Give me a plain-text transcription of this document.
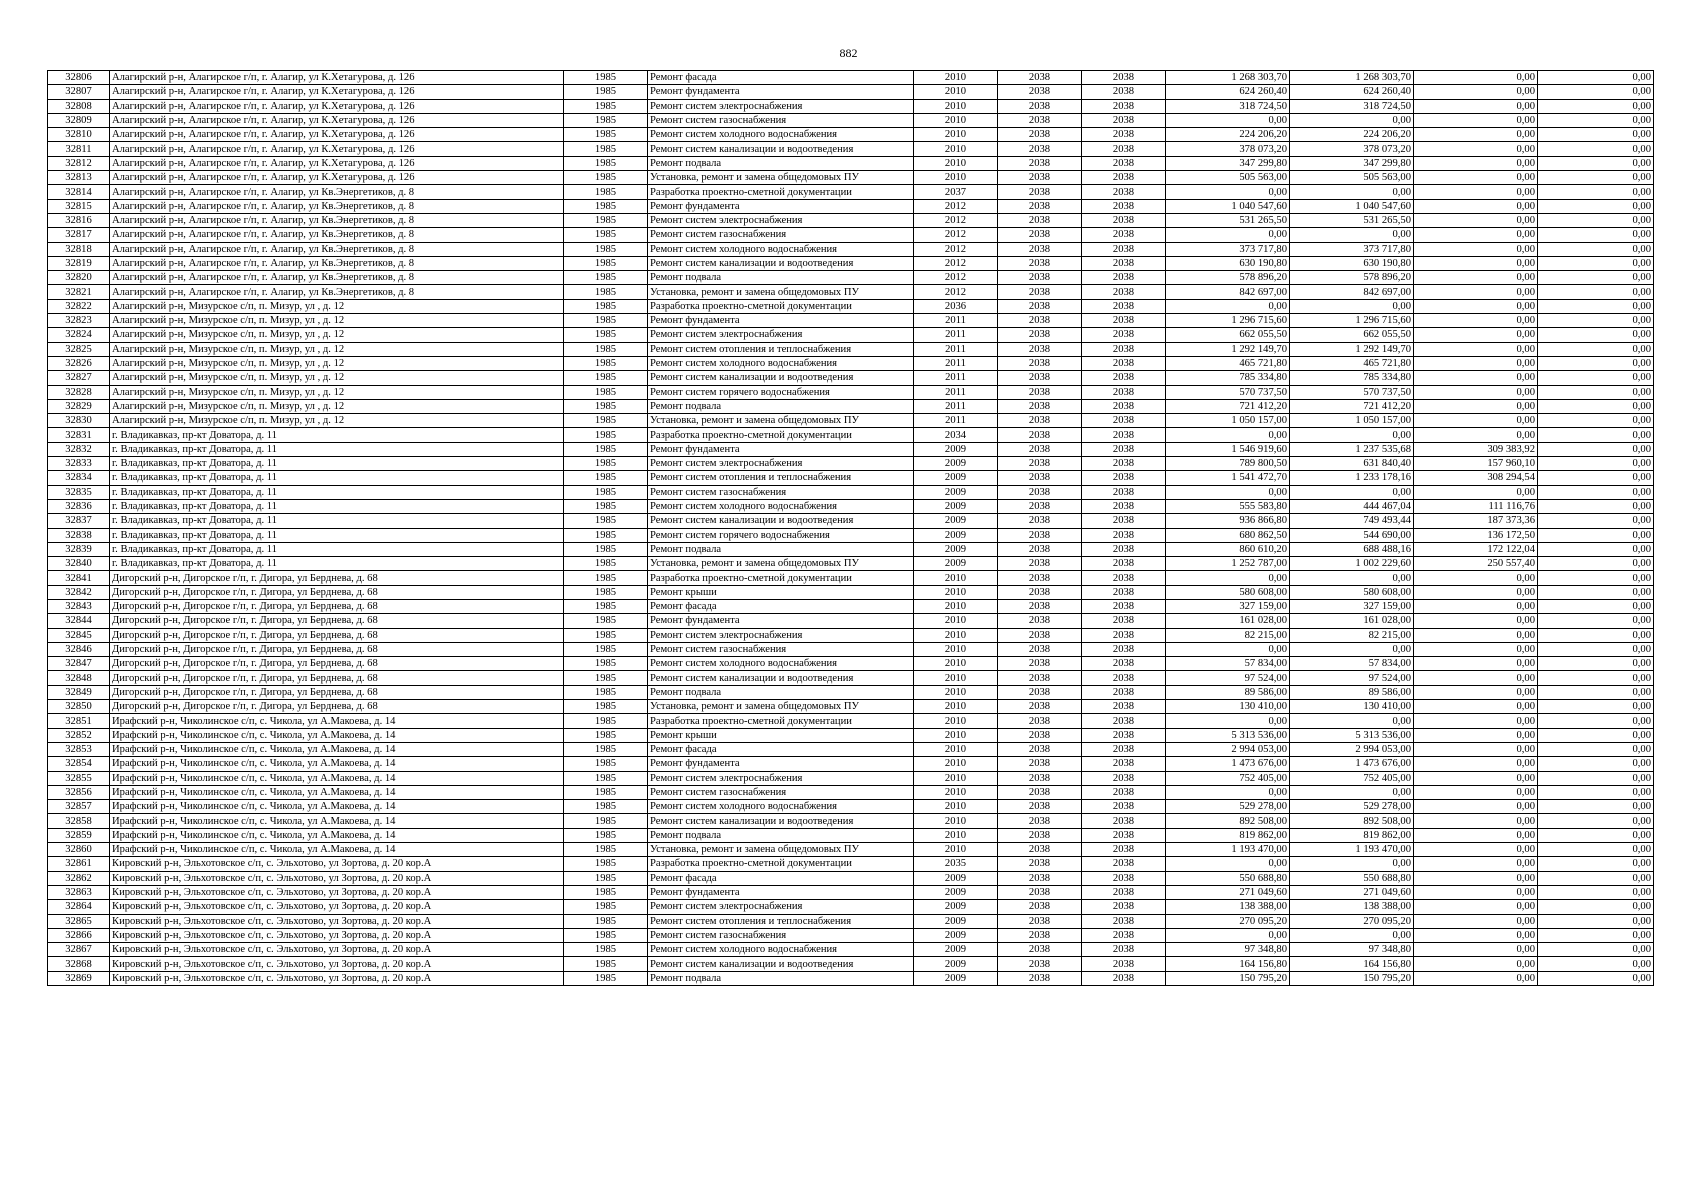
882
32806	Алагирский р-н, Алагирское г/п, г. Алагир, ул К.Хетагурова, д. 126	1985	Ремонт фасада	2010	2038	2038	1 268 303,70	1 268 303,70	0,00	0,00
32807	Алагирский р-н, Алагирское г/п, г. Алагир, ул К.Хетагурова, д. 126	1985	Ремонт фундамента	2010	2038	2038	624 260,40	624 260,40	0,00	0,00
32808	Алагирский р-н, Алагирское г/п, г. Алагир, ул К.Хетагурова, д. 126	1985	Ремонт систем электроснабжения	2010	2038	2038	318 724,50	318 724,50	0,00	0,00
32809	Алагирский р-н, Алагирское г/п, г. Алагир, ул К.Хетагурова, д. 126	1985	Ремонт систем газоснабжения	2010	2038	2038	0,00	0,00	0,00	0,00
32810	Алагирский р-н, Алагирское г/п, г. Алагир, ул К.Хетагурова, д. 126	1985	Ремонт систем холодного водоснабжения	2010	2038	2038	224 206,20	224 206,20	0,00	0,00
32811	Алагирский р-н, Алагирское г/п, г. Алагир, ул К.Хетагурова, д. 126	1985	Ремонт систем канализации и водоотведения	2010	2038	2038	378 073,20	378 073,20	0,00	0,00
32812	Алагирский р-н, Алагирское г/п, г. Алагир, ул К.Хетагурова, д. 126	1985	Ремонт подвала	2010	2038	2038	347 299,80	347 299,80	0,00	0,00
32813	Алагирский р-н, Алагирское г/п, г. Алагир, ул К.Хетагурова, д. 126	1985	Установка, ремонт и замена общедомовых ПУ	2010	2038	2038	505 563,00	505 563,00	0,00	0,00
32814	Алагирский р-н, Алагирское г/п, г. Алагир, ул Кв.Энергетиков, д. 8	1985	Разработка проектно-сметной документации	2037	2038	2038	0,00	0,00	0,00	0,00
32815	Алагирский р-н, Алагирское г/п, г. Алагир, ул Кв.Энергетиков, д. 8	1985	Ремонт фундамента	2012	2038	2038	1 040 547,60	1 040 547,60	0,00	0,00
32816	Алагирский р-н, Алагирское г/п, г. Алагир, ул Кв.Энергетиков, д. 8	1985	Ремонт систем электроснабжения	2012	2038	2038	531 265,50	531 265,50	0,00	0,00
32817	Алагирский р-н, Алагирское г/п, г. Алагир, ул Кв.Энергетиков, д. 8	1985	Ремонт систем газоснабжения	2012	2038	2038	0,00	0,00	0,00	0,00
32818	Алагирский р-н, Алагирское г/п, г. Алагир, ул Кв.Энергетиков, д. 8	1985	Ремонт систем холодного водоснабжения	2012	2038	2038	373 717,80	373 717,80	0,00	0,00
32819	Алагирский р-н, Алагирское г/п, г. Алагир, ул Кв.Энергетиков, д. 8	1985	Ремонт систем канализации и водоотведения	2012	2038	2038	630 190,80	630 190,80	0,00	0,00
32820	Алагирский р-н, Алагирское г/п, г. Алагир, ул Кв.Энергетиков, д. 8	1985	Ремонт подвала	2012	2038	2038	578 896,20	578 896,20	0,00	0,00
32821	Алагирский р-н, Алагирское г/п, г. Алагир, ул Кв.Энергетиков, д. 8	1985	Установка, ремонт и замена общедомовых ПУ	2012	2038	2038	842 697,00	842 697,00	0,00	0,00
32822	Алагирский р-н, Мизурское с/п, п. Мизур, ул , д. 12	1985	Разработка проектно-сметной документации	2036	2038	2038	0,00	0,00	0,00	0,00
32823	Алагирский р-н, Мизурское с/п, п. Мизур, ул , д. 12	1985	Ремонт фундамента	2011	2038	2038	1 296 715,60	1 296 715,60	0,00	0,00
32824	Алагирский р-н, Мизурское с/п, п. Мизур, ул , д. 12	1985	Ремонт систем электроснабжения	2011	2038	2038	662 055,50	662 055,50	0,00	0,00
32825	Алагирский р-н, Мизурское с/п, п. Мизур, ул , д. 12	1985	Ремонт систем отопления и теплоснабжения	2011	2038	2038	1 292 149,70	1 292 149,70	0,00	0,00
32826	Алагирский р-н, Мизурское с/п, п. Мизур, ул , д. 12	1985	Ремонт систем холодного водоснабжения	2011	2038	2038	465 721,80	465 721,80	0,00	0,00
32827	Алагирский р-н, Мизурское с/п, п. Мизур, ул , д. 12	1985	Ремонт систем канализации и водоотведения	2011	2038	2038	785 334,80	785 334,80	0,00	0,00
32828	Алагирский р-н, Мизурское с/п, п. Мизур, ул , д. 12	1985	Ремонт систем горячего водоснабжения	2011	2038	2038	570 737,50	570 737,50	0,00	0,00
32829	Алагирский р-н, Мизурское с/п, п. Мизур, ул , д. 12	1985	Ремонт подвала	2011	2038	2038	721 412,20	721 412,20	0,00	0,00
32830	Алагирский р-н, Мизурское с/п, п. Мизур, ул , д. 12	1985	Установка, ремонт и замена общедомовых ПУ	2011	2038	2038	1 050 157,00	1 050 157,00	0,00	0,00
32831	г. Владикавказ, пр-кт Доватора, д. 11	1985	Разработка проектно-сметной документации	2034	2038	2038	0,00	0,00	0,00	0,00
32832	г. Владикавказ, пр-кт Доватора, д. 11	1985	Ремонт фундамента	2009	2038	2038	1 546 919,60	1 237 535,68	309 383,92	0,00
32833	г. Владикавказ, пр-кт Доватора, д. 11	1985	Ремонт систем электроснабжения	2009	2038	2038	789 800,50	631 840,40	157 960,10	0,00
32834	г. Владикавказ, пр-кт Доватора, д. 11	1985	Ремонт систем отопления и теплоснабжения	2009	2038	2038	1 541 472,70	1 233 178,16	308 294,54	0,00
32835	г. Владикавказ, пр-кт Доватора, д. 11	1985	Ремонт систем газоснабжения	2009	2038	2038	0,00	0,00	0,00	0,00
32836	г. Владикавказ, пр-кт Доватора, д. 11	1985	Ремонт систем холодного водоснабжения	2009	2038	2038	555 583,80	444 467,04	111 116,76	0,00
32837	г. Владикавказ, пр-кт Доватора, д. 11	1985	Ремонт систем канализации и водоотведения	2009	2038	2038	936 866,80	749 493,44	187 373,36	0,00
32838	г. Владикавказ, пр-кт Доватора, д. 11	1985	Ремонт систем горячего водоснабжения	2009	2038	2038	680 862,50	544 690,00	136 172,50	0,00
32839	г. Владикавказ, пр-кт Доватора, д. 11	1985	Ремонт подвала	2009	2038	2038	860 610,20	688 488,16	172 122,04	0,00
32840	г. Владикавказ, пр-кт Доватора, д. 11	1985	Установка, ремонт и замена общедомовых ПУ	2009	2038	2038	1 252 787,00	1 002 229,60	250 557,40	0,00
32841	Дигорский р-н, Дигорское г/п, г. Дигора, ул Берднева, д. 68	1985	Разработка проектно-сметной документации	2010	2038	2038	0,00	0,00	0,00	0,00
32842	Дигорский р-н, Дигорское г/п, г. Дигора, ул Берднева, д. 68	1985	Ремонт крыши	2010	2038	2038	580 608,00	580 608,00	0,00	0,00
32843	Дигорский р-н, Дигорское г/п, г. Дигора, ул Берднева, д. 68	1985	Ремонт фасада	2010	2038	2038	327 159,00	327 159,00	0,00	0,00
32844	Дигорский р-н, Дигорское г/п, г. Дигора, ул Берднева, д. 68	1985	Ремонт фундамента	2010	2038	2038	161 028,00	161 028,00	0,00	0,00
32845	Дигорский р-н, Дигорское г/п, г. Дигора, ул Берднева, д. 68	1985	Ремонт систем электроснабжения	2010	2038	2038	82 215,00	82 215,00	0,00	0,00
32846	Дигорский р-н, Дигорское г/п, г. Дигора, ул Берднева, д. 68	1985	Ремонт систем газоснабжения	2010	2038	2038	0,00	0,00	0,00	0,00
32847	Дигорский р-н, Дигорское г/п, г. Дигора, ул Берднева, д. 68	1985	Ремонт систем холодного водоснабжения	2010	2038	2038	57 834,00	57 834,00	0,00	0,00
32848	Дигорский р-н, Дигорское г/п, г. Дигора, ул Берднева, д. 68	1985	Ремонт систем канализации и водоотведения	2010	2038	2038	97 524,00	97 524,00	0,00	0,00
32849	Дигорский р-н, Дигорское г/п, г. Дигора, ул Берднева, д. 68	1985	Ремонт подвала	2010	2038	2038	89 586,00	89 586,00	0,00	0,00
32850	Дигорский р-н, Дигорское г/п, г. Дигора, ул Берднева, д. 68	1985	Установка, ремонт и замена общедомовых ПУ	2010	2038	2038	130 410,00	130 410,00	0,00	0,00
32851	Ирафский р-н, Чиколинское с/п, с. Чикола, ул А.Макоева, д. 14	1985	Разработка проектно-сметной документации	2010	2038	2038	0,00	0,00	0,00	0,00
32852	Ирафский р-н, Чиколинское с/п, с. Чикола, ул А.Макоева, д. 14	1985	Ремонт крыши	2010	2038	2038	5 313 536,00	5 313 536,00	0,00	0,00
32853	Ирафский р-н, Чиколинское с/п, с. Чикола, ул А.Макоева, д. 14	1985	Ремонт фасада	2010	2038	2038	2 994 053,00	2 994 053,00	0,00	0,00
32854	Ирафский р-н, Чиколинское с/п, с. Чикола, ул А.Макоева, д. 14	1985	Ремонт фундамента	2010	2038	2038	1 473 676,00	1 473 676,00	0,00	0,00
32855	Ирафский р-н, Чиколинское с/п, с. Чикола, ул А.Макоева, д. 14	1985	Ремонт систем электроснабжения	2010	2038	2038	752 405,00	752 405,00	0,00	0,00
32856	Ирафский р-н, Чиколинское с/п, с. Чикола, ул А.Макоева, д. 14	1985	Ремонт систем газоснабжения	2010	2038	2038	0,00	0,00	0,00	0,00
32857	Ирафский р-н, Чиколинское с/п, с. Чикола, ул А.Макоева, д. 14	1985	Ремонт систем холодного водоснабжения	2010	2038	2038	529 278,00	529 278,00	0,00	0,00
32858	Ирафский р-н, Чиколинское с/п, с. Чикола, ул А.Макоева, д. 14	1985	Ремонт систем канализации и водоотведения	2010	2038	2038	892 508,00	892 508,00	0,00	0,00
32859	Ирафский р-н, Чиколинское с/п, с. Чикола, ул А.Макоева, д. 14	1985	Ремонт подвала	2010	2038	2038	819 862,00	819 862,00	0,00	0,00
32860	Ирафский р-н, Чиколинское с/п, с. Чикола, ул А.Макоева, д. 14	1985	Установка, ремонт и замена общедомовых ПУ	2010	2038	2038	1 193 470,00	1 193 470,00	0,00	0,00
32861	Кировский р-н, Эльхотовское с/п, с. Эльхотово, ул Зортова, д. 20 кор.А	1985	Разработка проектно-сметной документации	2035	2038	2038	0,00	0,00	0,00	0,00
32862	Кировский р-н, Эльхотовское с/п, с. Эльхотово, ул Зортова, д. 20 кор.А	1985	Ремонт фасада	2009	2038	2038	550 688,80	550 688,80	0,00	0,00
32863	Кировский р-н, Эльхотовское с/п, с. Эльхотово, ул Зортова, д. 20 кор.А	1985	Ремонт фундамента	2009	2038	2038	271 049,60	271 049,60	0,00	0,00
32864	Кировский р-н, Эльхотовское с/п, с. Эльхотово, ул Зортова, д. 20 кор.А	1985	Ремонт систем электроснабжения	2009	2038	2038	138 388,00	138 388,00	0,00	0,00
32865	Кировский р-н, Эльхотовское с/п, с. Эльхотово, ул Зортова, д. 20 кор.А	1985	Ремонт систем отопления и теплоснабжения	2009	2038	2038	270 095,20	270 095,20	0,00	0,00
32866	Кировский р-н, Эльхотовское с/п, с. Эльхотово, ул Зортова, д. 20 кор.А	1985	Ремонт систем газоснабжения	2009	2038	2038	0,00	0,00	0,00	0,00
32867	Кировский р-н, Эльхотовское с/п, с. Эльхотово, ул Зортова, д. 20 кор.А	1985	Ремонт систем холодного водоснабжения	2009	2038	2038	97 348,80	97 348,80	0,00	0,00
32868	Кировский р-н, Эльхотовское с/п, с. Эльхотово, ул Зортова, д. 20 кор.А	1985	Ремонт систем канализации и водоотведения	2009	2038	2038	164 156,80	164 156,80	0,00	0,00
32869	Кировский р-н, Эльхотовское с/п, с. Эльхотово, ул Зортова, д. 20 кор.А	1985	Ремонт подвала	2009	2038	2038	150 795,20	150 795,20	0,00	0,00
